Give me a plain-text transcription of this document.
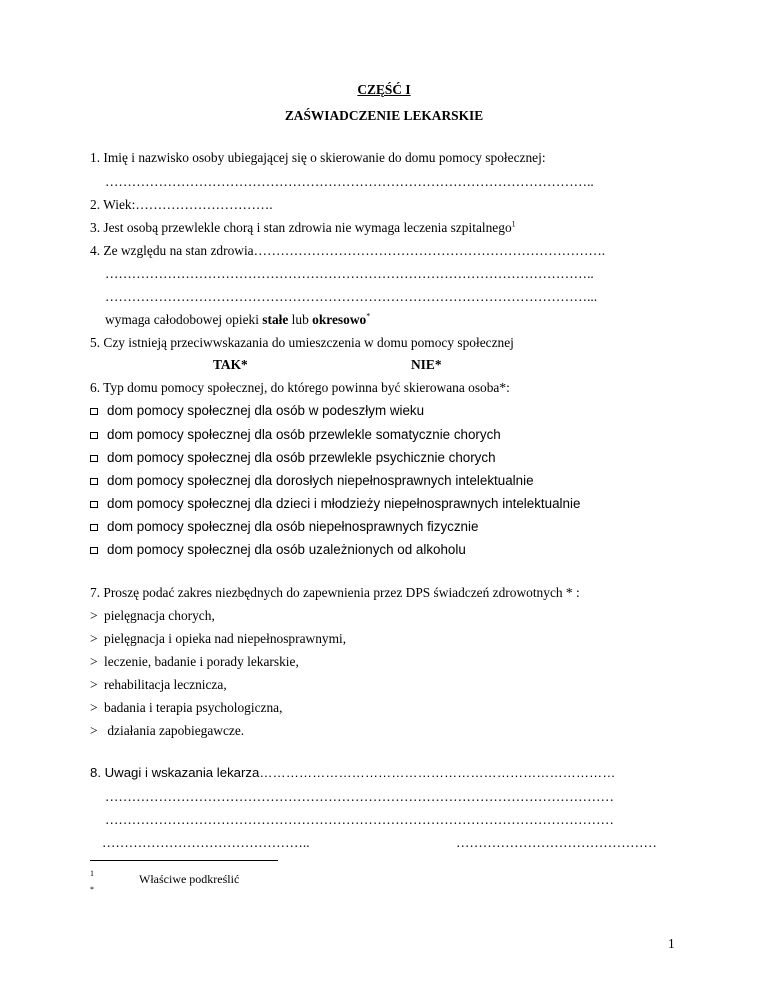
CZĘŚĆ I
ZAŚWIADCZENIE LEKARSKIE
1. Imię i nazwisko osoby ubiegającej się o skierowanie do domu pomocy społecznej:
………………………………………………………………………………………………..
2. Wiek:………………………….
3. Jest osobą przewlekle chorą i stan zdrowia nie wymaga leczenia szpitalnego$^1$
4. Ze względu na stan zdrowia…………………………………………………………………….
………………………………………………………………………………………………..
………………………………………………………………………………………………...
wymaga całodobowej opieki stałe lub okresowo*
5. Czy istnieją przeciwwskazania do umieszczenia w domu pomocy społecznej
TAK*	NIE*
6. Typ domu pomocy społecznej, do którego powinna być skierowana osoba*:
dom pomocy społecznej dla osób w podeszłym wieku
dom pomocy społecznej dla osób przewlekle somatycznie chorych
dom pomocy społecznej dla osób przewlekle psychicznie chorych
dom pomocy społecznej dla dorosłych niepełnosprawnych intelektualnie
dom pomocy społecznej dla dzieci i młodzieży niepełnosprawnych intelektualnie
dom pomocy społecznej dla osób niepełnosprawnych fizycznie
dom pomocy społecznej dla osób uzależnionych od alkoholu
7. Proszę podać zakres niezbędnych do zapewnienia przez DPS świadczeń zdrowotnych * :
> pielęgnacja chorych,
> pielęgnacja i opieka nad niepełnosprawnymi,
> leczenie, badanie i porady lekarskie,
> rehabilitacja lecznicza,
> badania i terapia psychologiczna,
> działania zapobiegawcze.
8. Uwagi i wskazania lekarza………………………………………………………………………
……………………………………………………………………………………………………
……………………………………………………………………………………………………
………………………………………..	………………………………………
1	Właściwe podkreślić
*
1
